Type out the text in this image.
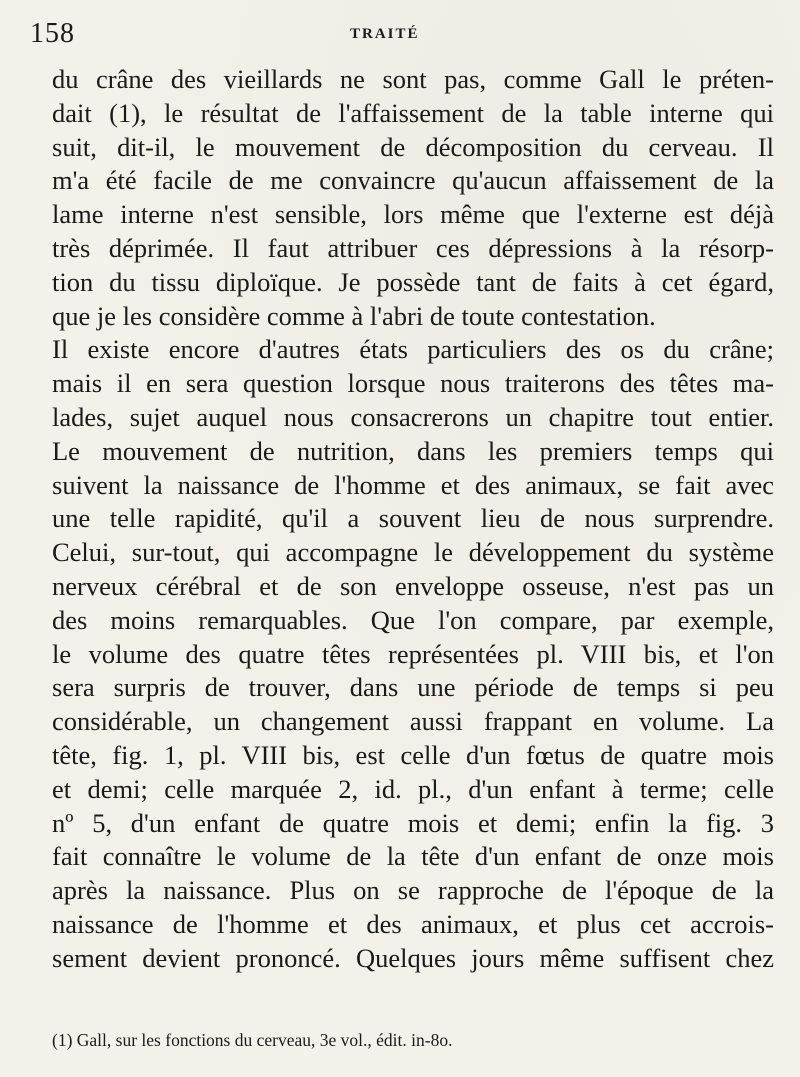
158	TRAITÉ
du crâne des vieillards ne sont pas, comme Gall le préten-
dait (1), le résultat de l'affaissement de la table interne qui
suit, dit-il, le mouvement de décomposition du cerveau. Il
m'a été facile de me convaincre qu'aucun affaissement de la
lame interne n'est sensible, lors même que l'externe est déjà
très déprimée. Il faut attribuer ces dépressions à la résorp-
tion du tissu diploïque. Je possède tant de faits à cet égard,
que je les considère comme à l'abri de toute contestation.
Il existe encore d'autres états particuliers des os du crâne;
mais il en sera question lorsque nous traiterons des têtes ma-
lades, sujet auquel nous consacrerons un chapitre tout entier.
Le mouvement de nutrition, dans les premiers temps qui
suivent la naissance de l'homme et des animaux, se fait avec
une telle rapidité, qu'il a souvent lieu de nous surprendre.
Celui, sur-tout, qui accompagne le développement du système
nerveux cérébral et de son enveloppe osseuse, n'est pas un
des moins remarquables. Que l'on compare, par exemple,
le volume des quatre têtes représentées pl. VIII bis, et l'on
sera surpris de trouver, dans une période de temps si peu
considérable, un changement aussi frappant en volume. La
tête, fig. 1, pl. VIII bis, est celle d'un fœtus de quatre mois
et demi; celle marquée 2, id. pl., d'un enfant à terme; celle
nº 5, d'un enfant de quatre mois et demi; enfin la fig. 3
fait connaître le volume de la tête d'un enfant de onze mois
après la naissance. Plus on se rapproche de l'époque de la
naissance de l'homme et des animaux, et plus cet accrois-
sement devient prononcé. Quelques jours même suffisent chez
(1) Gall, sur les fonctions du cerveau, 3e vol., édit. in-8o.
